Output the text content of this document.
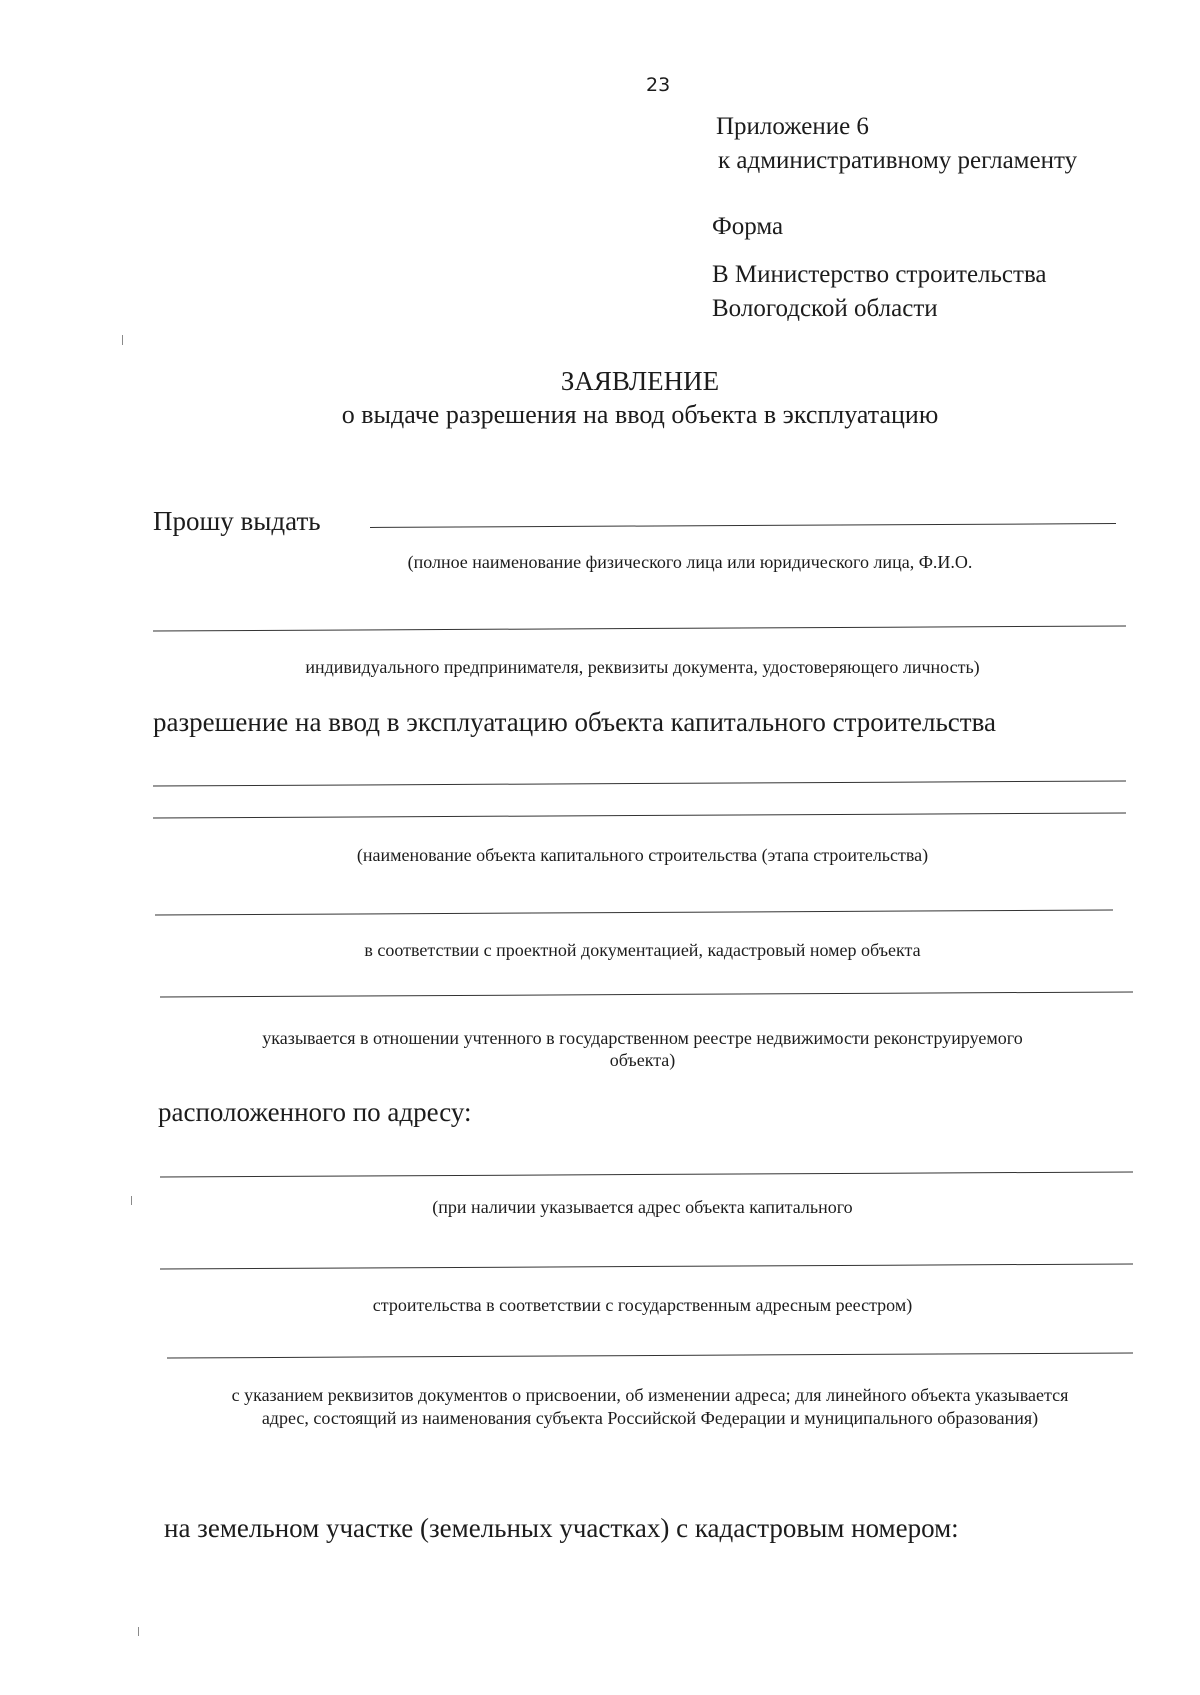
23
Приложение 6
к административному регламенту
Форма
В Министерство строительства
Вологодской области
ЗАЯВЛЕНИЕ
о выдаче разрешения на ввод объекта в эксплуатацию
Прошу выдать
(полное наименование физического лица или юридического лица, Ф.И.О.
индивидуального предпринимателя, реквизиты документа, удостоверяющего личность)
разрешение на ввод в эксплуатацию объекта капитального строительства
(наименование объекта капитального строительства (этапа строительства)
в соответствии с проектной документацией, кадастровый номер объекта
указывается в отношении учтенного в государственном реестре недвижимости реконструируемого
объекта)
расположенного по адресу:
(при наличии указывается адрес объекта капитального
строительства в соответствии с государственным адресным реестром)
с указанием реквизитов документов о присвоении, об изменении адреса; для линейного объекта указывается
адрес, состоящий из наименования субъекта Российской Федерации и муниципального образования)
на земельном участке (земельных участках) с кадастровым номером:
